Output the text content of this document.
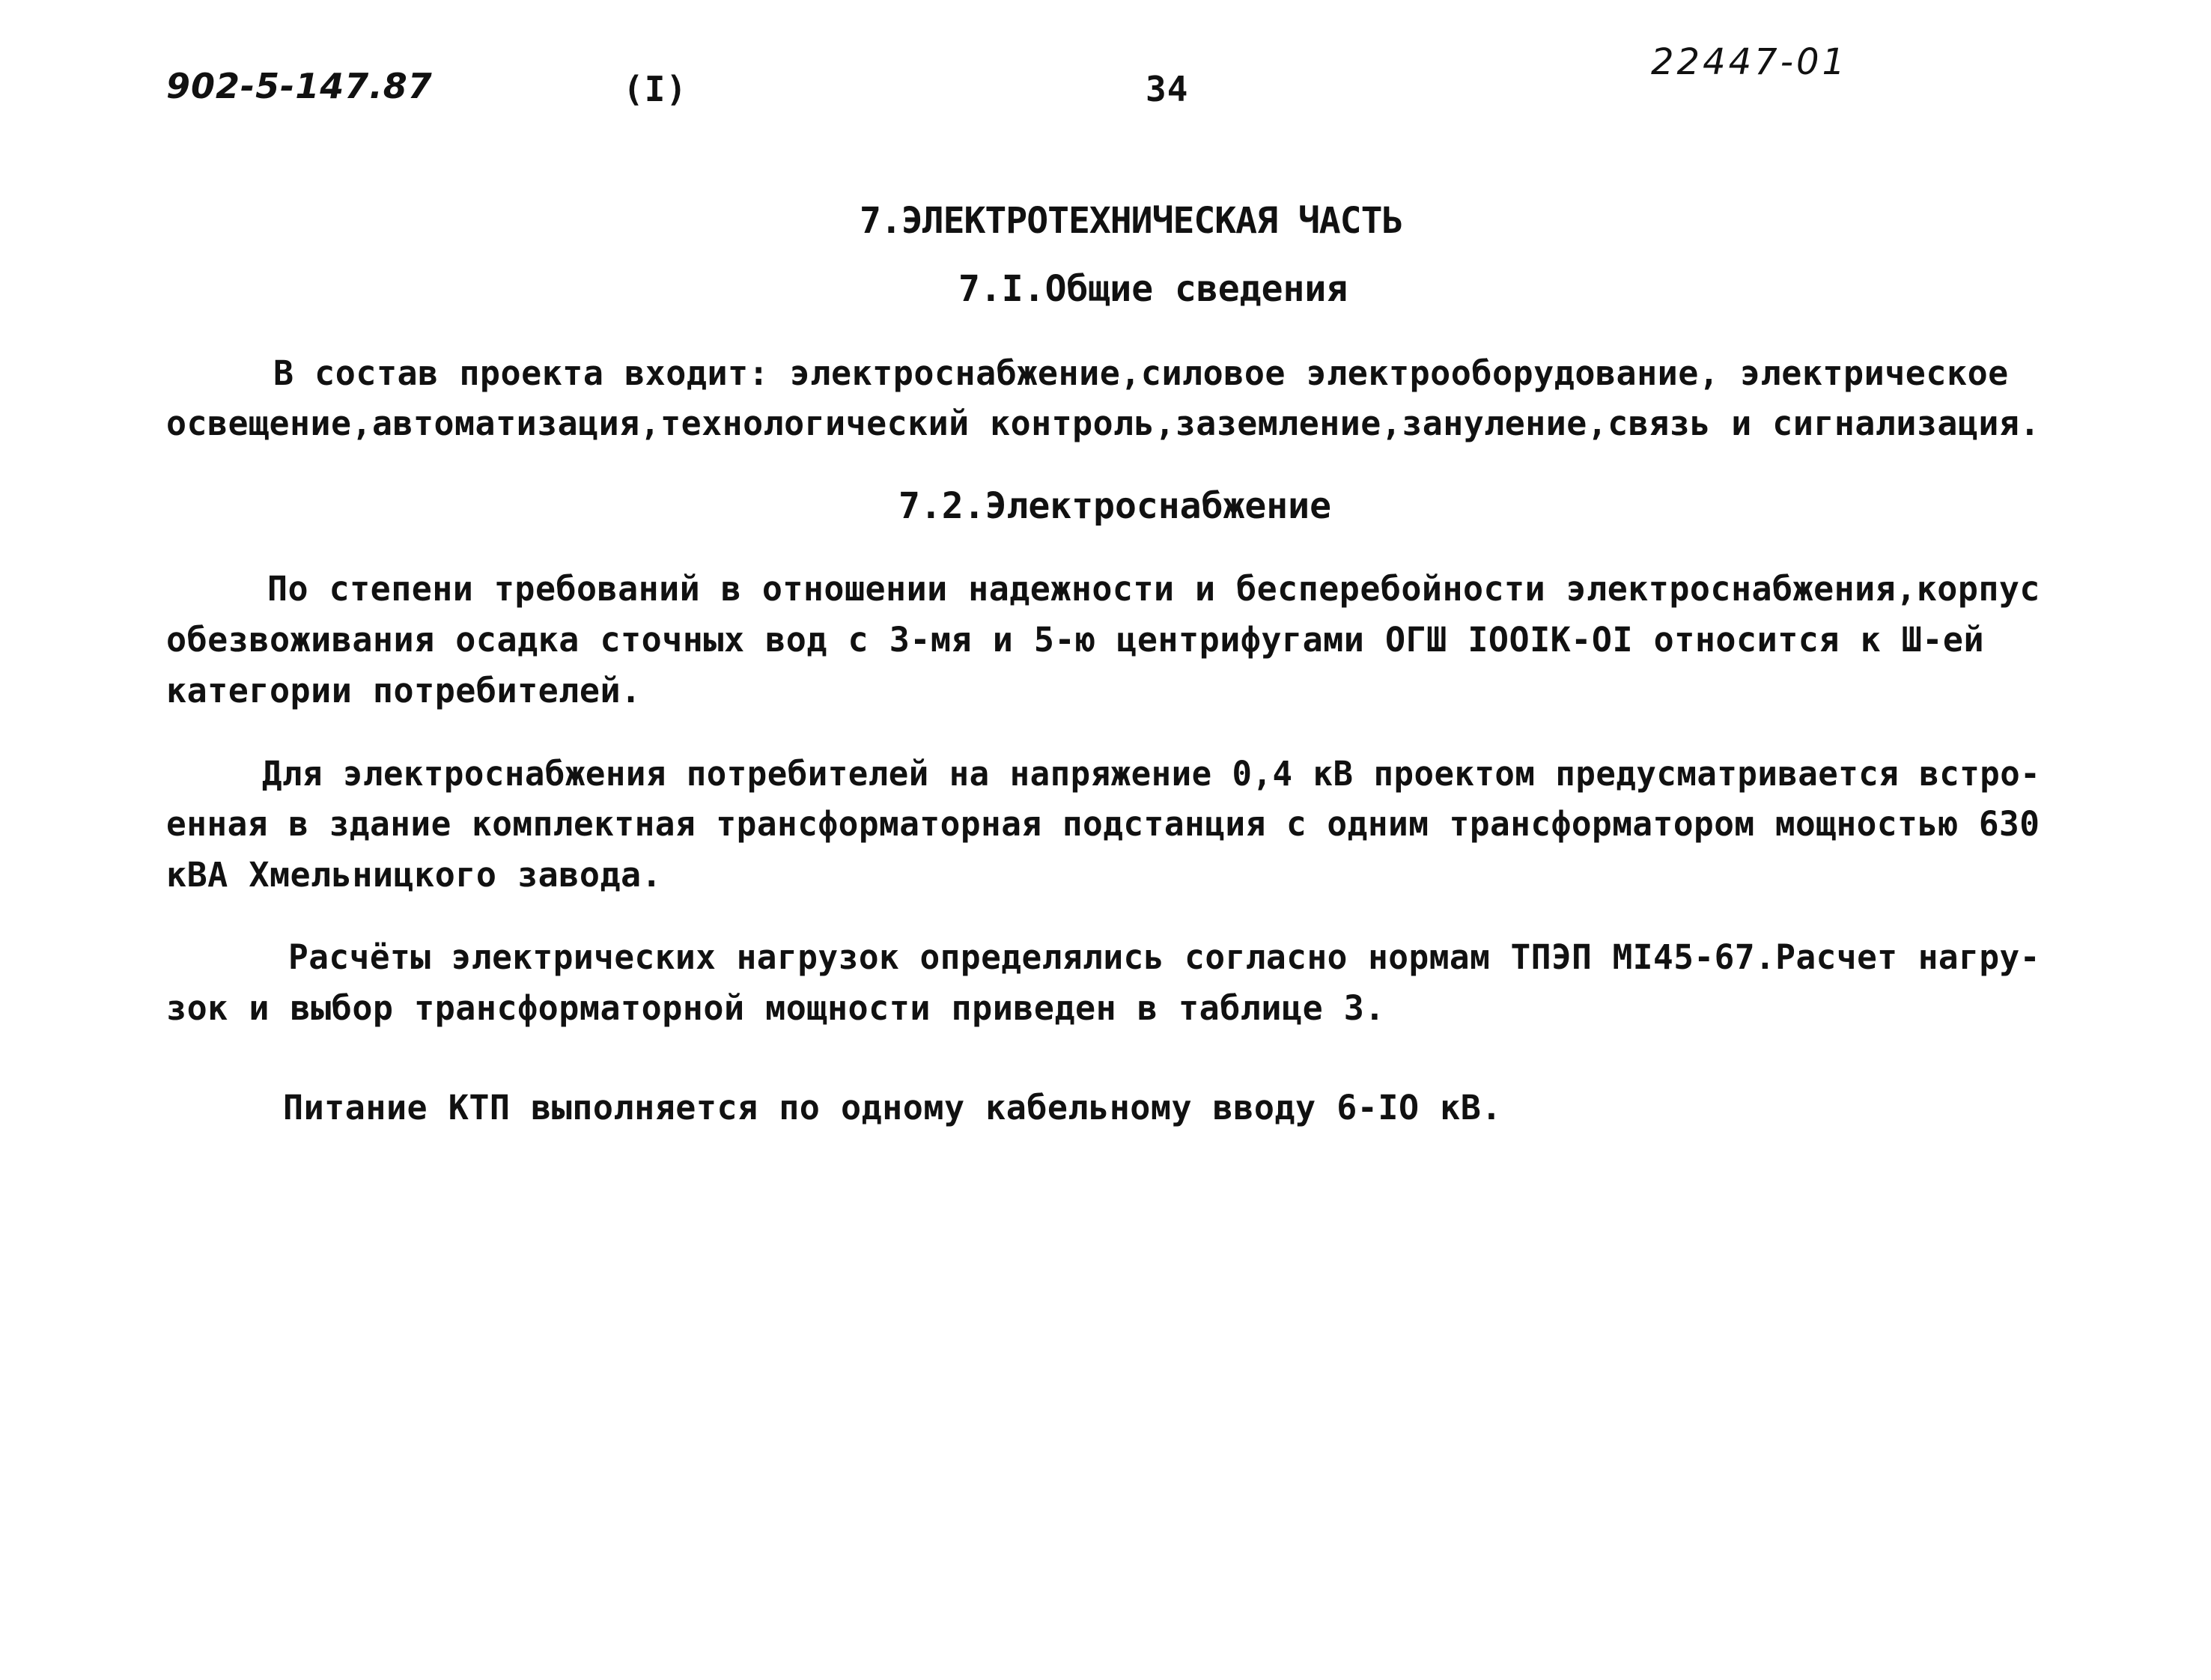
902-5-147.87	(I)	34
22447-01
7.ЭЛЕКТРОТЕХНИЧЕСКАЯ ЧАСТЬ
7.I.Общие сведения
В состав проекта входит: электроснабжение,силовое электрооборудование, электрическое
освещение,автоматизация,технологический контроль,заземление,зануление,связь и сигнализация.
7.2.Электроснабжение
По степени требований в отношении надежности и бесперебойности электроснабжения,корпус
обезвоживания осадка сточных вод с 3-мя и 5-ю центрифугами ОГШ IOOIК-OI относится к Ш-ей
категории потребителей.
Для электроснабжения потребителей на напряжение 0,4 кВ проектом предусматривается встро-
енная в здание комплектная трансформаторная подстанция с одним трансформатором мощностью 630
кВА Хмельницкого завода.
Расчёты электрических нагрузок определялись согласно нормам ТПЭП MI45-67.Расчет нагру-
зок и выбор трансформаторной мощности приведен в таблице 3.
Питание КТП выполняется по одному кабельному вводу 6-IO кВ.
